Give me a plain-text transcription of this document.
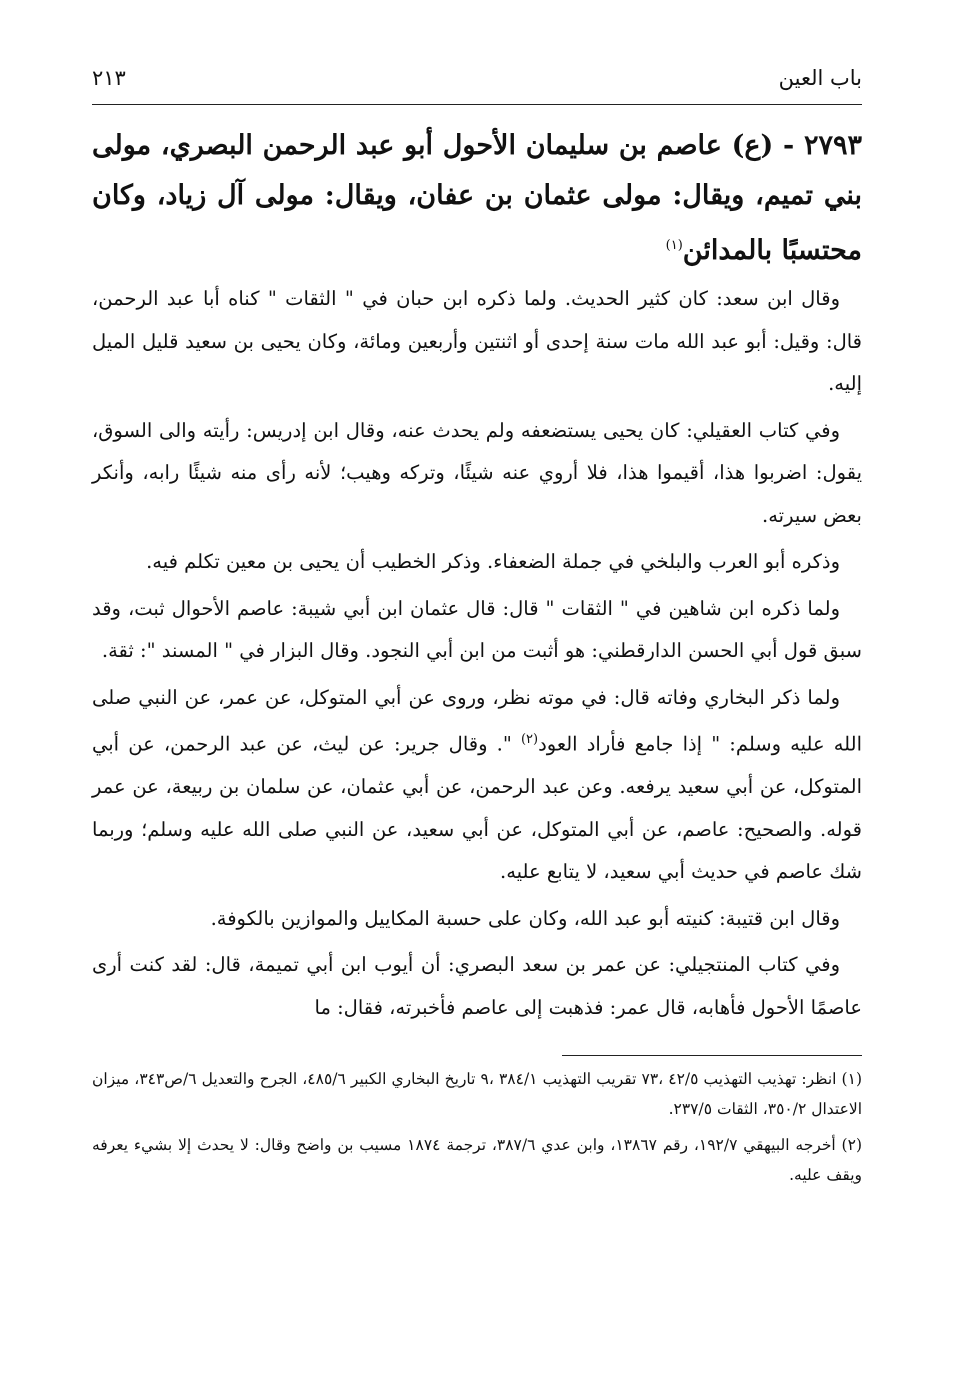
باب العين
٢١٣
٢٧٩٣ - (ع) عاصم بن سليمان الأحول أبو عبد الرحمن البصري، مولى بني تميم، ويقال: مولى عثمان بن عفان، ويقال: مولى آل زياد، وكان محتسبًا بالمدائن$^{(١)}$

وقال ابن سعد: كان كثير الحديث. ولما ذكره ابن حبان في " الثقات " كناه أبا عبد الرحمن، قال: وقيل: أبو عبد الله مات سنة إحدى أو اثنتين وأربعين ومائة، وكان يحيى بن سعيد قليل الميل إليه.

وفي كتاب العقيلي: كان يحيى يستضعفه ولم يحدث عنه، وقال ابن إدريس: رأيته والى السوق، يقول: اضربوا هذا، أقيموا هذا، فلا أروي عنه شيئًا، وتركه وهيب؛ لأنه رأى منه شيئًا رابه، وأنكر بعض سيرته.

وذكره أبو العرب والبلخي في جملة الضعفاء. وذكر الخطيب أن يحيى بن معين تكلم فيه.

ولما ذكره ابن شاهين في " الثقات " قال: قال عثمان ابن أبي شيبة: عاصم الأحوال ثبت، وقد سبق قول أبي الحسن الدارقطني: هو أثبت من ابن أبي النجود. وقال البزار في " المسند ": ثقة.

ولما ذكر البخاري وفاته قال: في موته نظر، وروى عن أبي المتوكل، عن عمر، عن النبي صلى الله عليه وسلم: " إذا جامع فأراد العود$^{(٢)}$ ". وقال جرير: عن ليث، عن عبد الرحمن، عن أبي المتوكل، عن أبي سعيد يرفعه. وعن عبد الرحمن، عن أبي عثمان، عن سلمان بن ربيعة، عن عمر قوله. والصحيح: عاصم، عن أبي المتوكل، عن أبي سعيد، عن النبي صلى الله عليه وسلم؛ وربما شك عاصم في حديث أبي سعيد، لا يتابع عليه.

وقال ابن قتيبة: كنيته أبو عبد الله، وكان على حسبة المكاييل والموازين بالكوفة.

وفي كتاب المنتجيلي: عن عمر بن سعد البصري: أن أيوب ابن أبي تميمة، قال: لقد كنت أرى عاصمًا الأحول فأهابه، قال عمر: فذهبت إلى عاصم فأخبرته، فقال: ما

(١) انظر: تهذيب التهذيب ٤٢/٥ ،٧٣ تقريب التهذيب ٣٨٤/١ ،٩ تاريخ البخاري الكبير ٤٨٥/٦، الجرح والتعديل ٦/ص٣٤٣، ميزان الاعتدال ٣٥٠/٢، الثقات ٢٣٧/٥.

(٢) أخرجه البيهقي ١٩٢/٧، رقم ١٣٨٦٧، وابن عدي ٣٨٧/٦، ترجمة ١٨٧٤ مسيب بن واضح وقال: لا يحدث إلا بشيء يعرفه ويقف عليه.
